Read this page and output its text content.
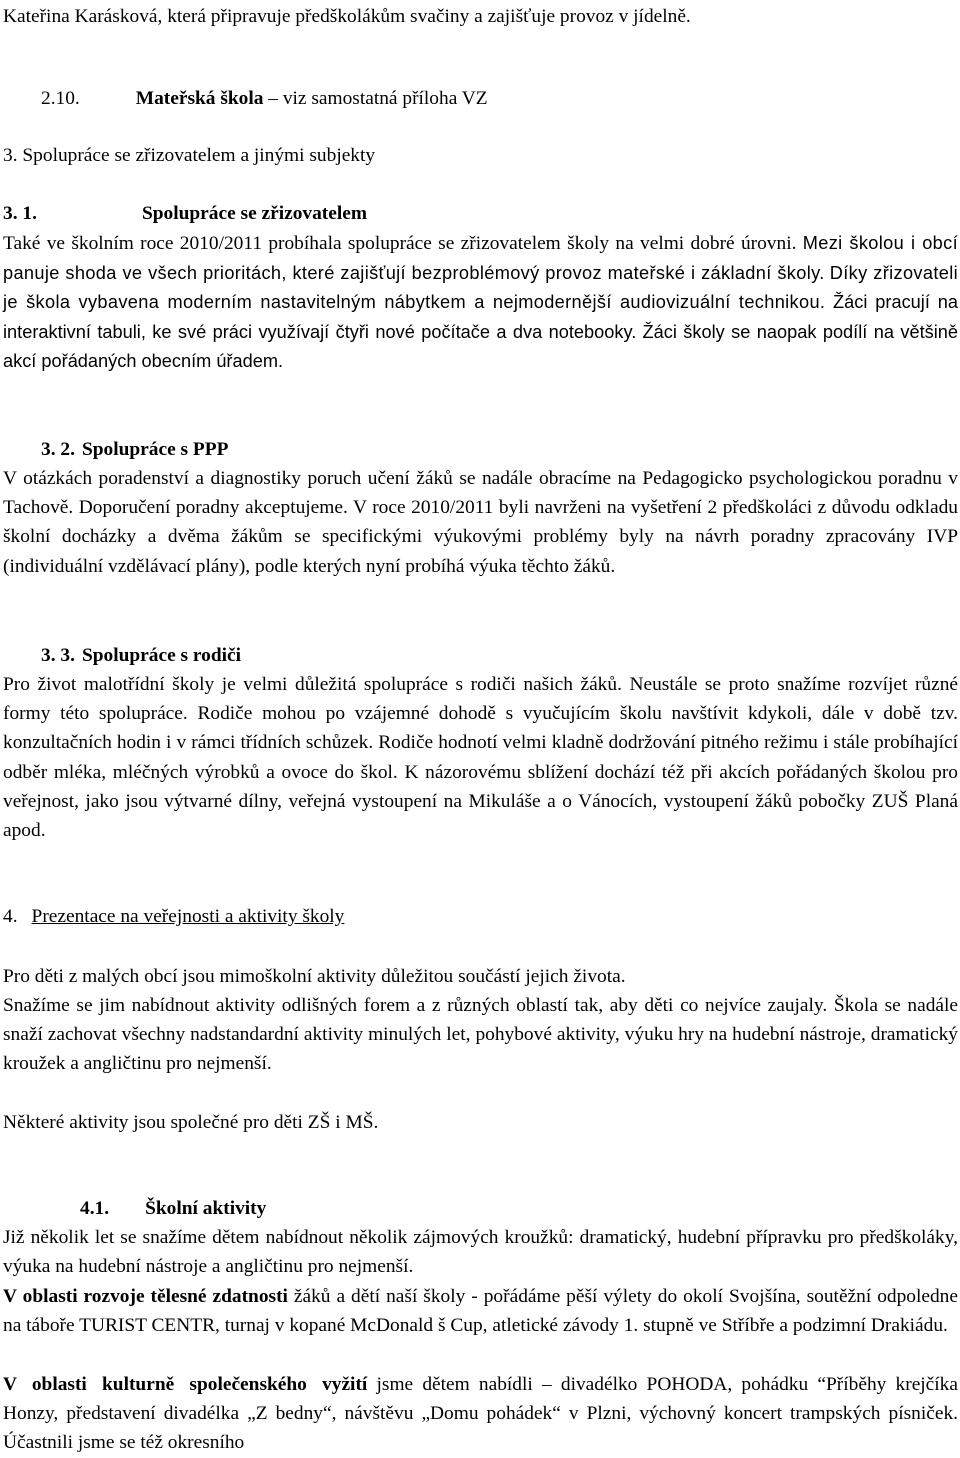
Kateřina Karásková, která připravuje předškolákům svačiny a zajišťuje provoz v jídelně.

2.10.	Mateřská škola – viz samostatná příloha VZ

3. Spolupráce se zřizovatelem a jinými subjekty

3. 1.	Spolupráce se zřizovatelem

Také ve školním roce 2010/2011 probíhala spolupráce se zřizovatelem školy na velmi dobré úrovni. Mezi školou i obcí panuje shoda ve všech prioritách, které zajišťují bezproblémový provoz mateřské i základní školy. Díky zřizovateli je škola vybavena moderním nastavitelným nábytkem a nejmodernější audiovizuální technikou. Žáci pracují na interaktivní tabuli, ke své práci využívají čtyři nové počítače a dva notebooky. Žáci školy se naopak podílí na většině akcí pořádaných obecním úřadem.

3. 2. Spolupráce s PPP

V otázkách poradenství a diagnostiky poruch učení žáků se nadále obracíme na Pedagogicko psychologickou poradnu v Tachově. Doporučení poradny akceptujeme. V roce 2010/2011 byli navrženi na vyšetření 2 předškoláci z důvodu odkladu školní docházky a dvěma žákům se specifickými výukovými problémy byly na návrh poradny zpracovány IVP (individuální vzdělávací plány), podle kterých nyní probíhá výuka těchto žáků.

3. 3. Spolupráce s rodiči

Pro život malotřídní školy je velmi důležitá spolupráce s rodiči našich žáků. Neustále se proto snažíme rozvíjet různé formy této spolupráce. Rodiče mohou po vzájemné dohodě s vyučujícím školu navštívit kdykoli, dále v době tzv. konzultačních hodin i v rámci třídních schůzek. Rodiče hodnotí velmi kladně dodržování pitného režimu i stále probíhající odběr mléka, mléčných výrobků a ovoce do škol. K názorovému sblížení dochází též při akcích pořádaných školou pro veřejnost, jako jsou výtvarné dílny, veřejná vystoupení na Mikuláše a o Vánocích, vystoupení žáků pobočky ZUŠ Planá apod.

4. Prezentace na veřejnosti a aktivity školy

Pro děti z malých obcí jsou mimoškolní aktivity důležitou součástí jejich života.

Snažíme se jim nabídnout aktivity odlišných forem a z různých oblastí tak, aby děti co nejvíce zaujaly. Škola se nadále snaží zachovat všechny nadstandardní aktivity minulých let, pohybové aktivity, výuku hry na hudební nástroje, dramatický kroužek a angličtinu pro nejmenší.

Některé aktivity jsou společné pro děti ZŠ i MŠ.

4.1. Školní aktivity

Již několik let se snažíme dětem nabídnout několik zájmových kroužků: dramatický, hudební přípravku pro předškoláky, výuka na hudební nástroje a angličtinu pro nejmenší.

V oblasti rozvoje tělesné zdatnosti žáků a dětí naší školy - pořádáme pěší výlety do okolí Svojšína, soutěžní odpoledne na táboře TURIST CENTR, turnaj v kopané McDonald š Cup, atletické závody 1. stupně ve Stříbře a podzimní Drakiádu.

V oblasti kulturně společenského vyžití jsme dětem nabídli – divadélko POHODA, pohádku “Příběhy krejčíka Honzy, představení divadélka „Z bedny“, návštěvu „Domu pohádek“ v Plzni, výchovný koncert trampských písniček. Účastnili jsme se též okresního
